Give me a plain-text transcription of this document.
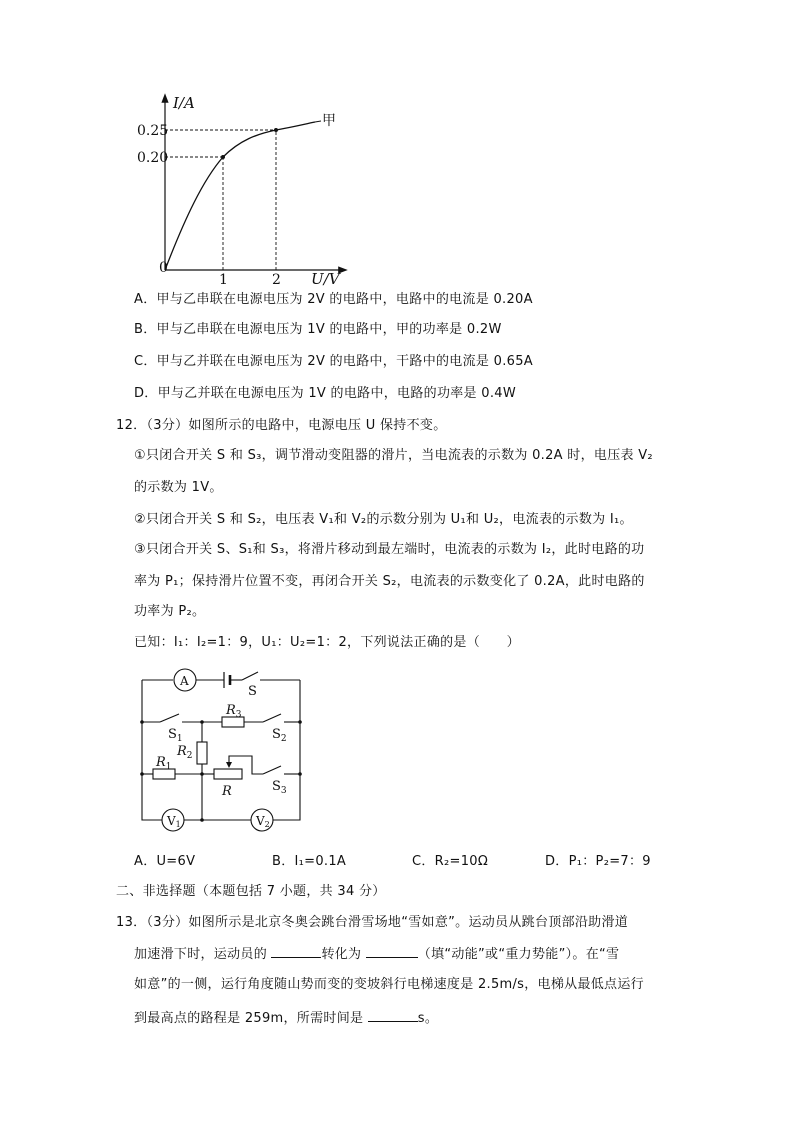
I/A
U/V
0.25
0.20
1	2
0
甲
A．甲与乙串联在电源电压为 2V 的电路中，电路中的电流是 0.20A
B．甲与乙串联在电源电压为 1V 的电路中，甲的功率是 0.2W
C．甲与乙并联在电源电压为 2V 的电路中，干路中的电流是 0.65A
D．甲与乙并联在电源电压为 1V 的电路中，电路的功率是 0.4W
12．（3分）如图所示的电路中，电源电压 U 保持不变。
①只闭合开关 S 和 S₃，调节滑动变阻器的滑片，当电流表的示数为 0.2A 时，电压表 V₂
的示数为 1V。
②只闭合开关 S 和 S₂，电压表 V₁和 V₂的示数分别为 U₁和 U₂，电流表的示数为 I₁。
③只闭合开关 S、S₁和 S₃，将滑片移动到最左端时，电流表的示数为 I₂，此时电路的功
率为 P₁；保持滑片位置不变，再闭合开关 S₂，电流表的示数变化了 0.2A，此时电路的
功率为 P₂。
已知：I₁：I₂=1：9，U₁：U₂=1：2，下列说法正确的是（　　）
A
S
$R_3$
$S_1$	$S_2$
$R_2$
$R_1$
R	$S_3$
V1	V2
A．U=6V	B．I₁=0.1A	C．R₂=10Ω	D．P₁：P₂=7：9
二、非选择题（本题包括 7 小题，共 34 分）
13．（3分）如图所示是北京冬奥会跳台滑雪场地“雪如意”。运动员从跳台顶部沿助滑道
加速滑下时，运动员的	转化为	（填“动能”或“重力势能”）。在“雪
如意”的一侧，运行角度随山势而变的变坡斜行电梯速度是 2.5m/s，电梯从最低点运行
到最高点的路程是 259m，所需时间是	s。
